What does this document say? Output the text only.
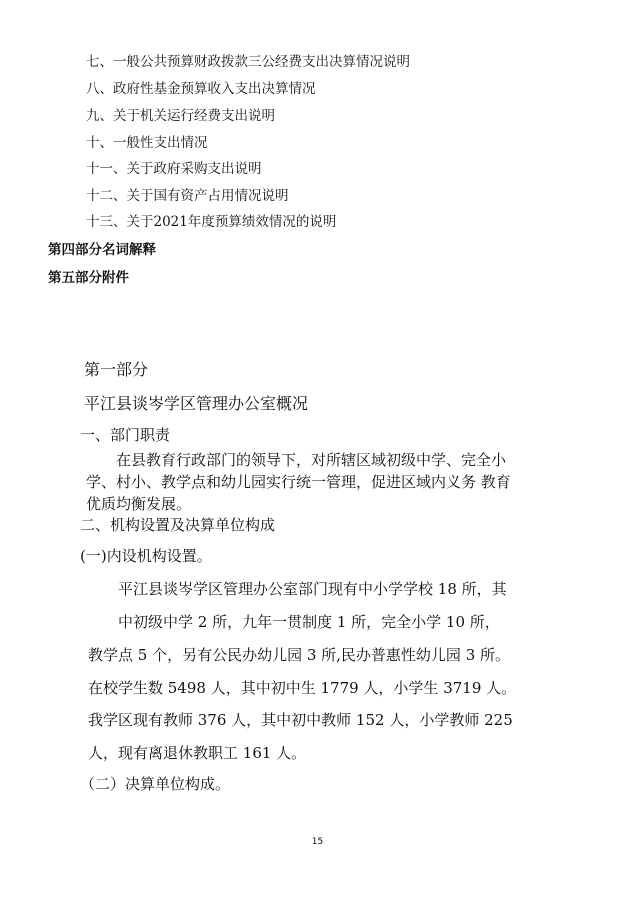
七、一般公共预算财政拨款三公经费支出决算情况说明
八、政府性基金预算收入支出决算情况
九、关于机关运行经费支出说明
十、一般性支出情况
十一、关于政府采购支出说明
十二、关于国有资产占用情况说明
十三、关于2021年度预算绩效情况的说明
第四部分名词解释
第五部分附件
第一部分
平江县谈岑学区管理办公室概况
一、部门职责
在县教育行政部门的领导下，对所辖区域初级中学、完全小
学、村小、教学点和幼儿园实行统一管理，促进区域内义务 教育
优质均衡发展。
二、机构设置及决算单位构成
(一)内设机构设置。
平江县谈岑学区管理办公室部门现有中小学学校 18 所，其
中初级中学 2 所，九年一贯制度 1 所，完全小学 10 所，
教学点 5 个，另有公民办幼儿园 3 所,民办普惠性幼儿园 3 所。
在校学生数 5498 人，其中初中生 1779 人，小学生 3719 人。
我学区现有教师 376 人，其中初中教师 152 人，小学教师 225
人，现有离退休教职工 161 人。
（二）决算单位构成。
15
